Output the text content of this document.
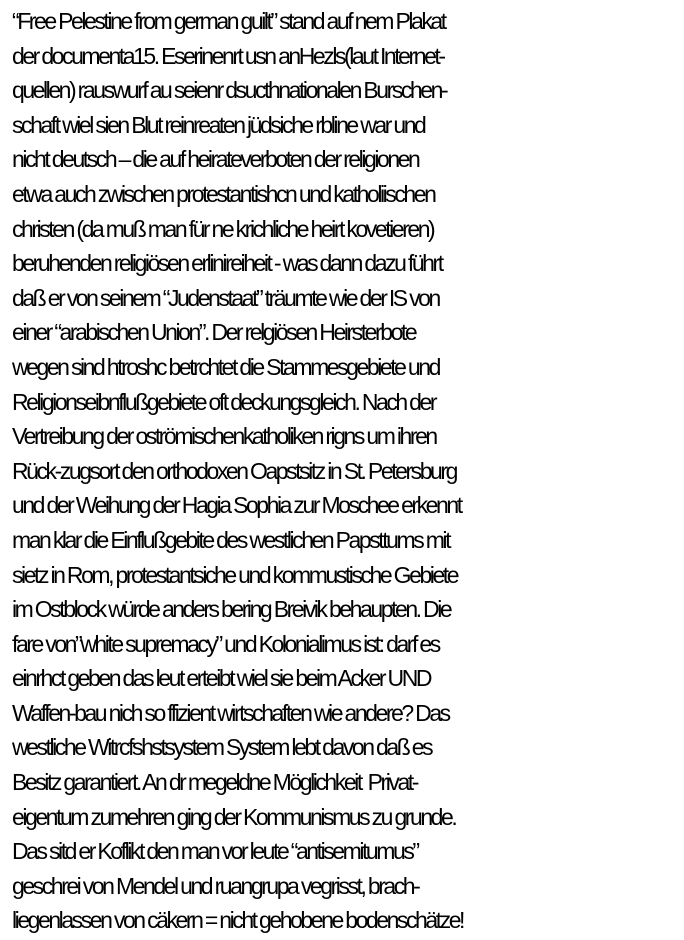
“Free Pelestine from german guilt” stand auf nem Plakat
der documenta15. Eserinenrt usn anHezls(laut Internet-
quellen) rauswurf au seienr dsucthnationalen Burschen-
schaft wiel sien Blut reinreaten jüdsiche rbline war und
nicht deutsch – die auf heirateverboten der religionen
etwa auch zwischen protestantishcn und katholiischen
christen (da muß man für ne krichliche heirt kovetieren)
beruhenden religiösen erlinireiheit - was dann dazu führt
daß er von seinem “Judenstaat” träumte wie der IS von
einer “arabischen Union”. Der relgiösen Heirsterbote
wegen sind htroshc betrchtet die Stammesgebiete und
Religionseibnflußgebiete oft deckungsgleich. Nach der
Vertreibung der oströmischenkatholiken rigns um ihren
Rück-zugsort den orthodoxen Oapstsitz in St. Petersburg
und der Weihung der Hagia Sophia zur Moschee erkennt
man klar die Einflußgebite des westlichen Papsttums mit
sietz in Rom, protestantsiche und kommustische Gebiete
im Ostblock würde anders bering Breivik behaupten. Die
fare von”white supremacy” und Kolonialimus ist: darf es
einrhct geben das leut erteibt wiel sie beim Acker UND
Waffen-bau nich so ffizient wirtschaften wie andere? Das
westliche Witrcfshstsystem System lebt davon daß es
Besitz garantiert. An dr megeldne Möglichkeit  Privat-
eigentum zumehren ging der Kommunismus zu grunde.
Das sitd er Koflikt den man vor leute “antisemitumus”
geschrei von Mendel und ruangrupa vegrisst, brach-
liegenlassen von cäkern = nicht gehobene bodenschätze!
